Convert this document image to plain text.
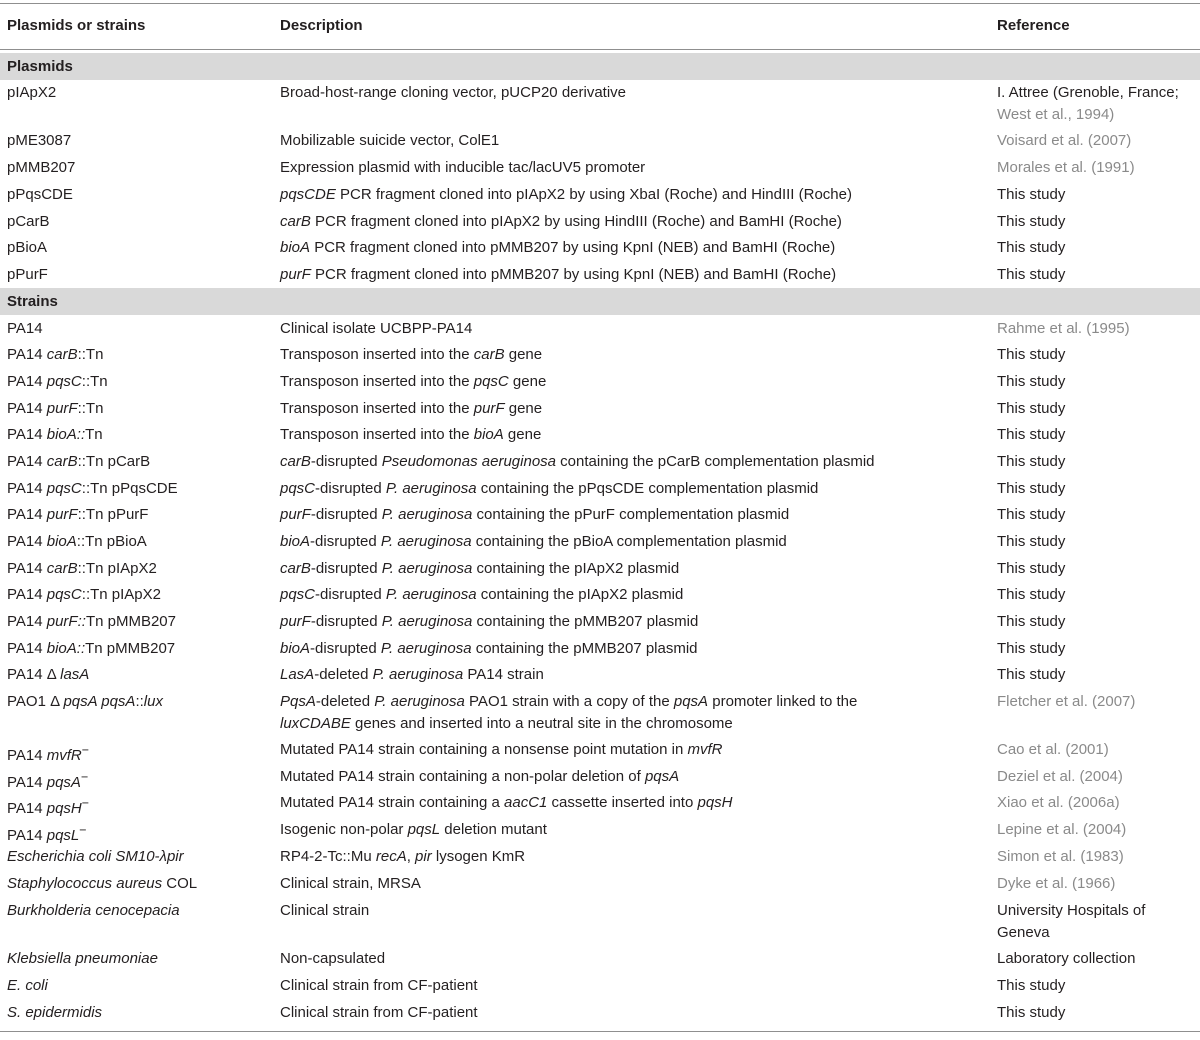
Plasmids or strains	Description	Reference
Plasmids
pIApX2	Broad-host-range cloning vector, pUCP20 derivative	I. Attree (Grenoble, France;
West et al., 1994)
pME3087	Mobilizable suicide vector, ColE1	Voisard et al. (2007)
pMMB207	Expression plasmid with inducible tac/lacUV5 promoter	Morales et al. (1991)
pPqsCDE	pqsCDE PCR fragment cloned into pIApX2 by using XbaI (Roche) and HindIII (Roche)	This study
pCarB	carB PCR fragment cloned into pIApX2 by using HindIII (Roche) and BamHI (Roche)	This study
pBioA	bioA PCR fragment cloned into pMMB207 by using KpnI (NEB) and BamHI (Roche)	This study
pPurF	purF PCR fragment cloned into pMMB207 by using KpnI (NEB) and BamHI (Roche)	This study
Strains
PA14	Clinical isolate UCBPP-PA14	Rahme et al. (1995)
PA14 carB::Tn	Transposon inserted into the carB gene	This study
PA14 pqsC::Tn	Transposon inserted into the pqsC gene	This study
PA14 purF::Tn	Transposon inserted into the purF gene	This study
PA14 bioA::Tn	Transposon inserted into the bioA gene	This study
PA14 carB::Tn pCarB	carB-disrupted Pseudomonas aeruginosa containing the pCarB complementation plasmid	This study
PA14 pqsC::Tn pPqsCDE	pqsC-disrupted P. aeruginosa containing the pPqsCDE complementation plasmid	This study
PA14 purF::Tn pPurF	purF-disrupted P. aeruginosa containing the pPurF complementation plasmid	This study
PA14 bioA::Tn pBioA	bioA-disrupted P. aeruginosa containing the pBioA complementation plasmid	This study
PA14 carB::Tn pIApX2	carB-disrupted P. aeruginosa containing the pIApX2 plasmid	This study
PA14 pqsC::Tn pIApX2	pqsC-disrupted P. aeruginosa containing the pIApX2 plasmid	This study
PA14 purF::Tn pMMB207	purF-disrupted P. aeruginosa containing the pMMB207 plasmid	This study
PA14 bioA::Tn pMMB207	bioA-disrupted P. aeruginosa containing the pMMB207 plasmid	This study
PA14 Δ lasA	LasA-deleted P. aeruginosa PA14 strain	This study
PAO1 Δ pqsA pqsA::lux	PqsA-deleted P. aeruginosa PAO1 strain with a copy of the pqsA promoter linked to the
luxCDABE genes and inserted into a neutral site in the chromosome
Fletcher et al. (2007)
PA14 mvfR−	Mutated PA14 strain containing a nonsense point mutation in mvfR	Cao et al. (2001)
PA14 pqsA−	Mutated PA14 strain containing a non-polar deletion of pqsA	Deziel et al. (2004)
PA14 pqsH−	Mutated PA14 strain containing a aacC1 cassette inserted into pqsH	Xiao et al. (2006a)
PA14 pqsL−	Isogenic non-polar pqsL deletion mutant	Lepine et al. (2004)
Escherichia coli SM10-λpir	RP4-2-Tc::Mu recA, pir lysogen KmR	Simon et al. (1983)
Staphylococcus aureus COL	Clinical strain, MRSA	Dyke et al. (1966)
Burkholderia cenocepacia	Clinical strain	University Hospitals of
Geneva
Klebsiella pneumoniae	Non-capsulated	Laboratory collection
E. coli	Clinical strain from CF-patient	This study
S. epidermidis	Clinical strain from CF-patient	This study
